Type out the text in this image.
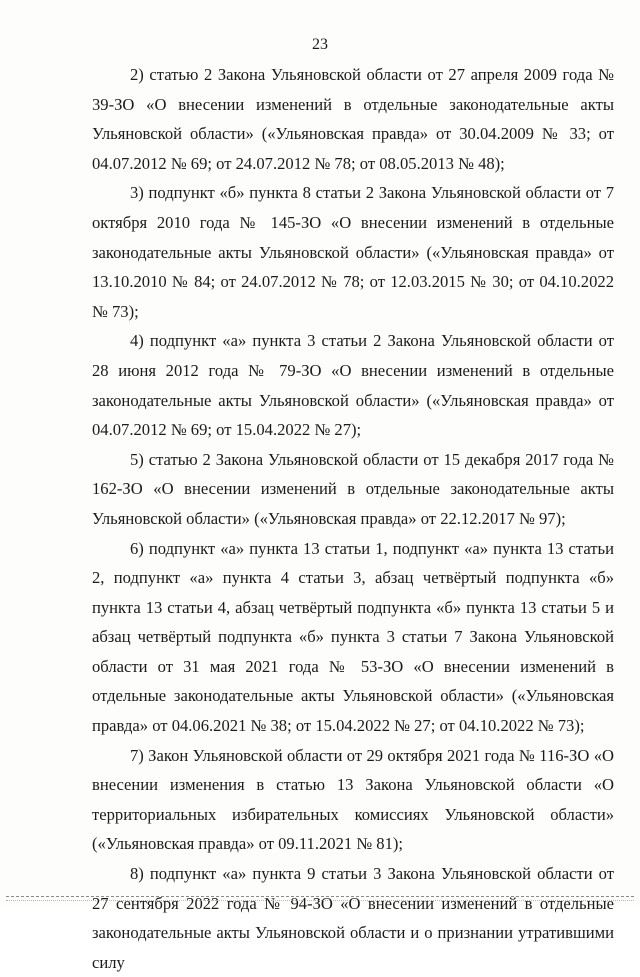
23

2) статью 2 Закона Ульяновской области от 27 апреля 2009 года № 39-ЗО «О внесении изменений в отдельные законодательные акты Ульяновской области» («Ульяновская правда» от 30.04.2009 № 33; от 04.07.2012 № 69; от 24.07.2012 № 78; от 08.05.2013 № 48);

3) подпункт «б» пункта 8 статьи 2 Закона Ульяновской области от 7 октября 2010 года № 145-ЗО «О внесении изменений в отдельные законодательные акты Ульяновской области» («Ульяновская правда» от 13.10.2010 № 84; от 24.07.2012 № 78; от 12.03.2015 № 30; от 04.10.2022 № 73);

4) подпункт «а» пункта 3 статьи 2 Закона Ульяновской области от 28 июня 2012 года № 79-ЗО «О внесении изменений в отдельные законодательные акты Ульяновской области» («Ульяновская правда» от 04.07.2012 № 69; от 15.04.2022 № 27);

5) статью 2 Закона Ульяновской области от 15 декабря 2017 года № 162-ЗО «О внесении изменений в отдельные законодательные акты Ульяновской области» («Ульяновская правда» от 22.12.2017 № 97);

6) подпункт «а» пункта 13 статьи 1, подпункт «а» пункта 13 статьи 2, подпункт «а» пункта 4 статьи 3, абзац четвёртый подпункта «б» пункта 13 статьи 4, абзац четвёртый подпункта «б» пункта 13 статьи 5 и абзац четвёртый подпункта «б» пункта 3 статьи 7 Закона Ульяновской области от 31 мая 2021 года № 53-ЗО «О внесении изменений в отдельные законодательные акты Ульяновской области» («Ульяновская правда» от 04.06.2021 № 38; от 15.04.2022 № 27; от 04.10.2022 № 73);

7) Закон Ульяновской области от 29 октября 2021 года № 116-ЗО «О внесении изменения в статью 13 Закона Ульяновской области «О территориальных избирательных комиссиях Ульяновской области» («Ульяновская правда» от 09.11.2021 № 81);

8) подпункт «а» пункта 9 статьи 3 Закона Ульяновской области от 27 сентября 2022 года № 94-ЗО «О внесении изменений в отдельные законодательные акты Ульяновской области и о признании утратившими силу
